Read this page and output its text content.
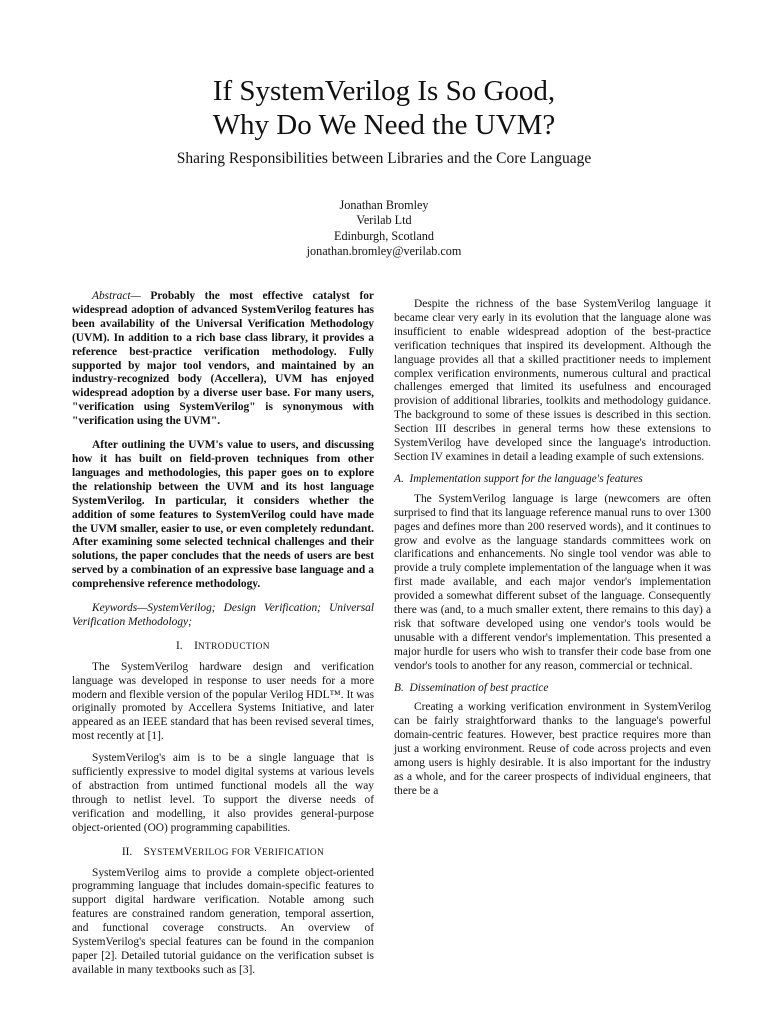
If SystemVerilog Is So Good,
Why Do We Need the UVM?
Sharing Responsibilities between Libraries and the Core Language
Jonathan Bromley
Verilab Ltd
Edinburgh, Scotland
jonathan.bromley@verilab.com

Abstract— Probably the most effective catalyst for widespread adoption of advanced SystemVerilog features has been availability of the Universal Verification Methodology (UVM). In addition to a rich base class library, it provides a reference best-practice verification methodology. Fully supported by major tool vendors, and maintained by an industry-recognized body (Accellera), UVM has enjoyed widespread adoption by a diverse user base. For many users, "verification using SystemVerilog" is synonymous with "verification using the UVM".

After outlining the UVM's value to users, and discussing how it has built on field-proven techniques from other languages and methodologies, this paper goes on to explore the relationship between the UVM and its host language SystemVerilog. In particular, it considers whether the addition of some features to SystemVerilog could have made the UVM smaller, easier to use, or even completely redundant. After examining some selected technical challenges and their solutions, the paper concludes that the needs of users are best served by a combination of an expressive base language and a comprehensive reference methodology.

Keywords—SystemVerilog; Design Verification; Universal Verification Methodology;

I. INTRODUCTION

The SystemVerilog hardware design and verification language was developed in response to user needs for a more modern and flexible version of the popular Verilog HDL™. It was originally promoted by Accellera Systems Initiative, and later appeared as an IEEE standard that has been revised several times, most recently at [1].

SystemVerilog's aim is to be a single language that is sufficiently expressive to model digital systems at various levels of abstraction from untimed functional models all the way through to netlist level. To support the diverse needs of verification and modelling, it also provides general-purpose object-oriented (OO) programming capabilities.

II. SYSTEMVERILOG FOR VERIFICATION

SystemVerilog aims to provide a complete object-oriented programming language that includes domain-specific features to support digital hardware verification. Notable among such features are constrained random generation, temporal assertion, and functional coverage constructs. An overview of SystemVerilog's special features can be found in the companion paper [2]. Detailed tutorial guidance on the verification subset is available in many textbooks such as [3].

Despite the richness of the base SystemVerilog language it became clear very early in its evolution that the language alone was insufficient to enable widespread adoption of the best-practice verification techniques that inspired its development. Although the language provides all that a skilled practitioner needs to implement complex verification environments, numerous cultural and practical challenges emerged that limited its usefulness and encouraged provision of additional libraries, toolkits and methodology guidance. The background to some of these issues is described in this section. Section III describes in general terms how these extensions to SystemVerilog have developed since the language's introduction. Section IV examines in detail a leading example of such extensions.

A. Implementation support for the language's features

The SystemVerilog language is large (newcomers are often surprised to find that its language reference manual runs to over 1300 pages and defines more than 200 reserved words), and it continues to grow and evolve as the language standards committees work on clarifications and enhancements. No single tool vendor was able to provide a truly complete implementation of the language when it was first made available, and each major vendor's implementation provided a somewhat different subset of the language. Consequently there was (and, to a much smaller extent, there remains to this day) a risk that software developed using one vendor's tools would be unusable with a different vendor's implementation. This presented a major hurdle for users who wish to transfer their code base from one vendor's tools to another for any reason, commercial or technical.

B. Dissemination of best practice

Creating a working verification environment in SystemVerilog can be fairly straightforward thanks to the language's powerful domain-centric features. However, best practice requires more than just a working environment. Reuse of code across projects and even among users is highly desirable. It is also important for the industry as a whole, and for the career prospects of individual engineers, that there be a
